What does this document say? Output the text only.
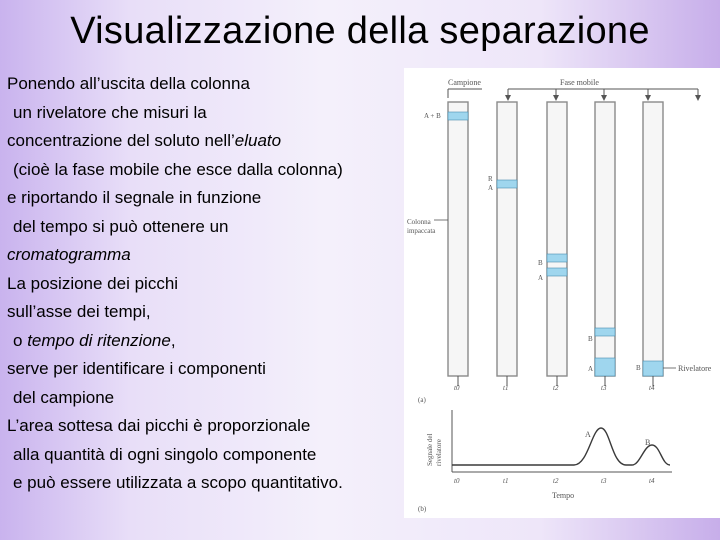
Visualizzazione della separazione
Ponendo all’uscita della colonna
un rivelatore che misuri la
concentrazione del soluto nell’eluato
(cioè la fase mobile che esce dalla colonna)
e riportando il segnale in funzione
del tempo si può ottenere un
cromatogramma
La posizione dei picchi
sull’asse dei tempi,
o tempo di ritenzione,
serve per identificare i componenti
del campione
L’area sottesa dai picchi è proporzionale
alla quantità di ogni singolo componente
e può essere utilizzata a scopo quantitativo.
Campione	Fase mobile
A + B
R
A
B
A
B
A	B
Colonna
impaccata
Rivelatore
t0	t1	t2	t3	t4
(a)
A
B
Segnale del rivelatore
t0	t1	t2	t3	t4
Tempo
(b)
